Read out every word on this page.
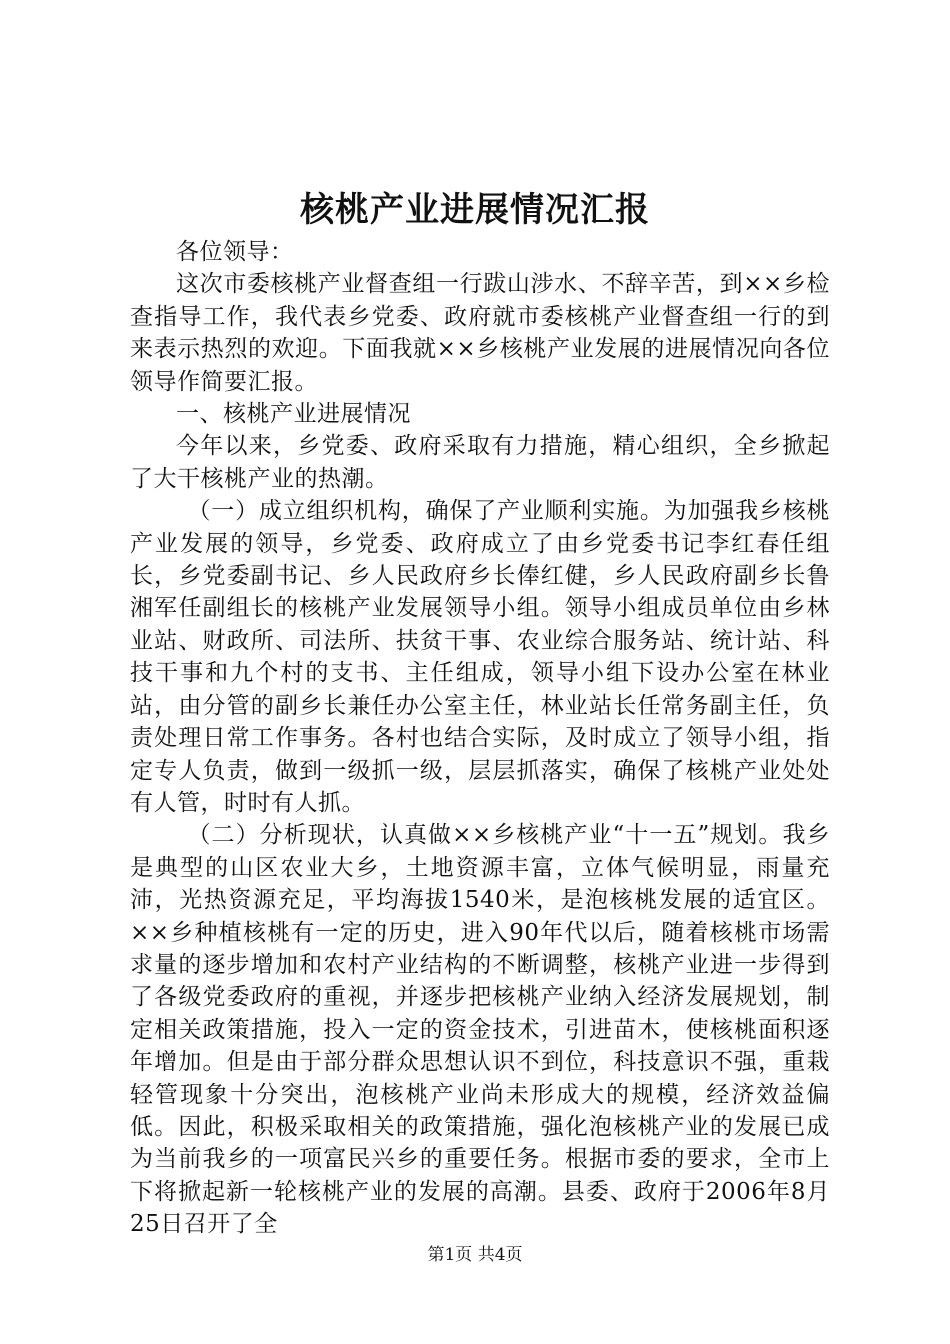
核桃产业进展情况汇报

各位领导：

这次市委核桃产业督查组一行跋山涉水、不辞辛苦，到××乡检查指导工作，我代表乡党委、政府就市委核桃产业督查组一行的到来表示热烈的欢迎。下面我就××乡核桃产业发展的进展情况向各位领导作简要汇报。

一、核桃产业进展情况

今年以来，乡党委、政府采取有力措施，精心组织，全乡掀起了大干核桃产业的热潮。

（一）成立组织机构，确保了产业顺利实施。为加强我乡核桃产业发展的领导，乡党委、政府成立了由乡党委书记李红春任组长，乡党委副书记、乡人民政府乡长俸红健，乡人民政府副乡长鲁湘军任副组长的核桃产业发展领导小组。领导小组成员单位由乡林业站、财政所、司法所、扶贫干事、农业综合服务站、统计站、科技干事和九个村的支书、主任组成，领导小组下设办公室在林业站，由分管的副乡长兼任办公室主任，林业站长任常务副主任，负责处理日常工作事务。各村也结合实际，及时成立了领导小组，指定专人负责，做到一级抓一级，层层抓落实，确保了核桃产业处处有人管，时时有人抓。

（二）分析现状，认真做××乡核桃产业“十一五”规划。我乡是典型的山区农业大乡，土地资源丰富，立体气候明显，雨量充沛，光热资源充足，平均海拔1540米，是泡核桃发展的适宜区。××乡种植核桃有一定的历史，进入90年代以后，随着核桃市场需求量的逐步增加和农村产业结构的不断调整，核桃产业进一步得到了各级党委政府的重视，并逐步把核桃产业纳入经济发展规划，制定相关政策措施，投入一定的资金技术，引进苗木，使核桃面积逐年增加。但是由于部分群众思想认识不到位，科技意识不强，重栽轻管现象十分突出，泡核桃产业尚未形成大的规模，经济效益偏低。因此，积极采取相关的政策措施，强化泡核桃产业的发展已成为当前我乡的一项富民兴乡的重要任务。根据市委的要求，全市上下将掀起新一轮核桃产业的发展的高潮。县委、政府于2006年8月25日召开了全

第1页 共4页
